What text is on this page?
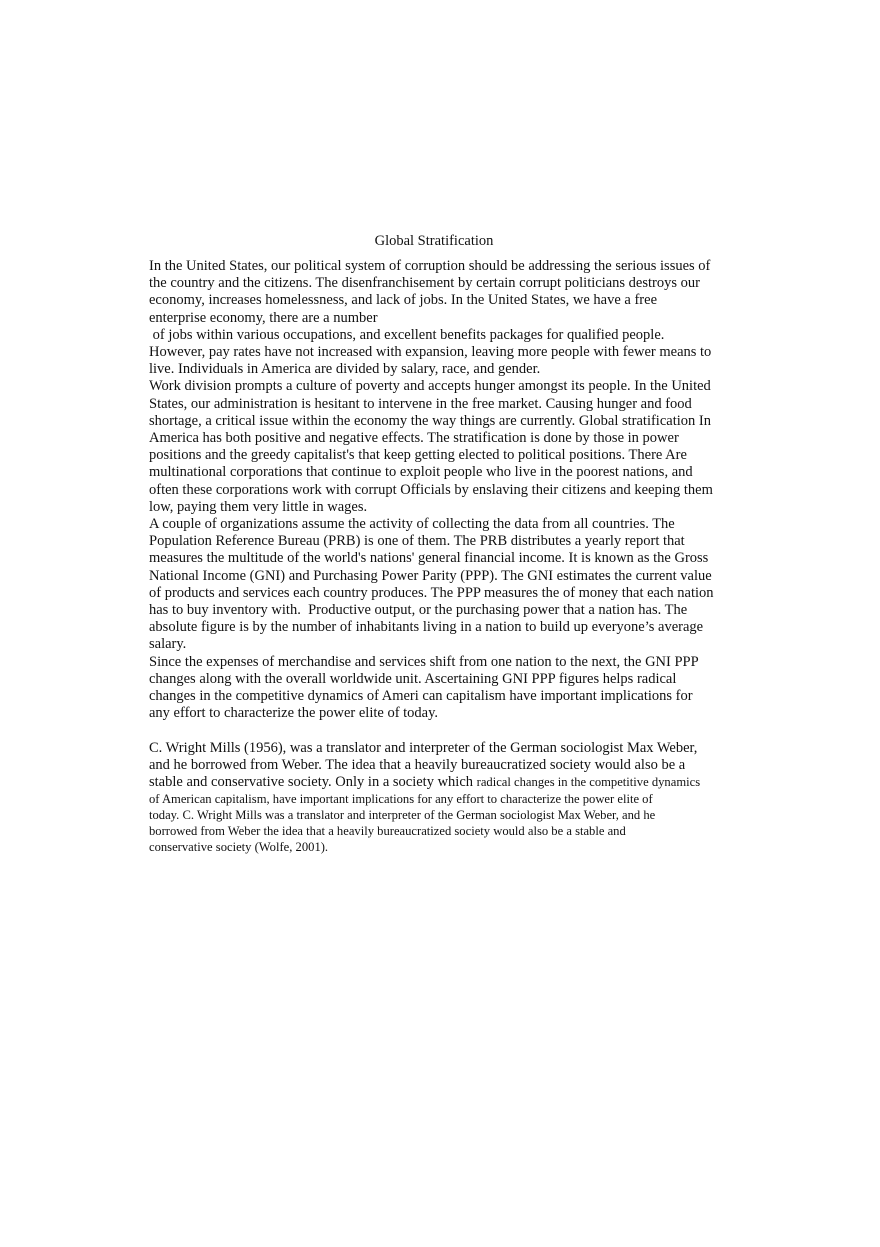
Global Stratification
In the United States, our political system of corruption should be addressing the serious issues of
the country and the citizens. The disenfranchisement by certain corrupt politicians destroys our
economy, increases homelessness, and lack of jobs. In the United States, we have a free
enterprise economy, there are a number
of jobs within various occupations, and excellent benefits packages for qualified people.
However, pay rates have not increased with expansion, leaving more people with fewer means to
live. Individuals in America are divided by salary, race, and gender.
Work division prompts a culture of poverty and accepts hunger amongst its people. In the United
States, our administration is hesitant to intervene in the free market. Causing hunger and food
shortage, a critical issue within the economy the way things are currently. Global stratification In
America has both positive and negative effects. The stratification is done by those in power
positions and the greedy capitalist's that keep getting elected to political positions. There Are
multinational corporations that continue to exploit people who live in the poorest nations, and
often these corporations work with corrupt Officials by enslaving their citizens and keeping them
low, paying them very little in wages.
A couple of organizations assume the activity of collecting the data from all countries. The
Population Reference Bureau (PRB) is one of them. The PRB distributes a yearly report that
measures the multitude of the world's nations' general financial income. It is known as the Gross
National Income (GNI) and Purchasing Power Parity (PPP). The GNI estimates the current value
of products and services each country produces. The PPP measures the of money that each nation
has to buy inventory with.  Productive output, or the purchasing power that a nation has. The
absolute figure is by the number of inhabitants living in a nation to build up everyone’s average
salary.
Since the expenses of merchandise and services shift from one nation to the next, the GNI PPP
changes along with the overall worldwide unit. Ascertaining GNI PPP figures helps radical
changes in the competitive dynamics of Ameri can capitalism have important implications for
any effort to characterize the power elite of today.
C. Wright Mills (1956), was a translator and interpreter of the German sociologist Max Weber,
and he borrowed from Weber. The idea that a heavily bureaucratized society would also be a
stable and conservative society. Only in a society which radical changes in the competitive dynamics
of American capitalism, have important implications for any effort to characterize the power elite of
today. C. Wright Mills was a translator and interpreter of the German sociologist Max Weber, and he
borrowed from Weber the idea that a heavily bureaucratized society would also be a stable and
conservative society (Wolfe, 2001).
